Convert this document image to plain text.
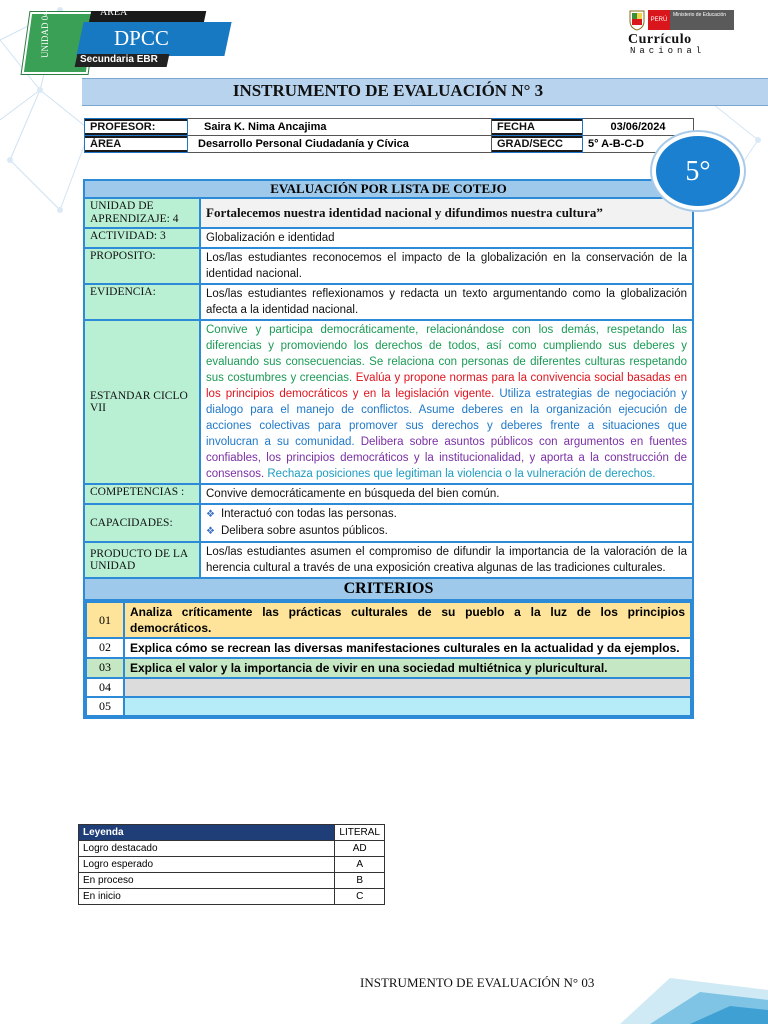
UNIDAD 04	ÁREA
DPCC
Secundaria EBR
PERÚ
Ministerio de Educación
Currículo
Nacional
INSTRUMENTO DE EVALUACIÓN N° 3
PROFESOR:	Saira K. Nima Ancajima	FECHA	03/06/2024

ÀREA	Desarrollo Personal Ciudadanía y Cívica	GRAD/SECC	5° A-B-C-D
EVALUACIÓN POR LISTA DE COTEJO
UNIDAD DE APRENDIZAJE: 4	Fortalecemos nuestra identidad nacional y difundimos nuestra cultura”
ACTIVIDAD: 3	Globalización e identidad
PROPOSITO:	Los/las estudiantes reconocemos el impacto de la globalización en la conservación de la identidad nacional.
EVIDENCIA:	Los/las estudiantes reflexionamos y redacta un texto argumentando como la globalización afecta a la identidad nacional.
ESTANDAR CICLO VII	Convive y participa democráticamente, relacionándose con los demás, respetando las diferencias y promoviendo los derechos de todos, así como cumpliendo sus deberes y evaluando sus consecuencias. Se relaciona con personas de diferentes culturas respetando sus costumbres y creencias. Evalúa y propone normas para la convivencia social basadas en los principios democráticos y en la legislación vigente. Utiliza estrategias de negociación y dialogo para el manejo de conflictos. Asume deberes en la organización ejecución de acciones colectivas para promover sus derechos y deberes frente a situaciones que involucran a su comunidad. Delibera sobre asuntos públicos con argumentos en fuentes confiables, los principios democráticos y la institucionalidad, y aporta a la construcción de consensos. Rechaza posiciones que legitiman la violencia o la vulneración de derechos.
COMPETENCIAS :	Convive democráticamente en búsqueda del bien común.
CAPACIDADES:	
❖ Interactuó con todas las personas.
❖ Delibera sobre asuntos públicos.

PRODUCTO DE LA UNIDAD	Los/las estudiantes asumen el compromiso de difundir la importancia de la valoración de la herencia cultural a través de una exposición creativa algunas de las tradiciones culturales.
CRITERIOS

01	Analiza críticamente las prácticas culturales de su pueblo a la luz de los principios democráticos.
02	Explica cómo se recrean las diversas manifestaciones culturales en la actualidad y da ejemplos.
03	Explica el valor y la importancia de vivir en una sociedad multiétnica y pluricultural.
04	
05	
5°
Leyenda	LITERAL
Logro destacado	AD
Logro esperado	A
En proceso	B
En inicio	C
INSTRUMENTO DE EVALUACIÓN N° 03
